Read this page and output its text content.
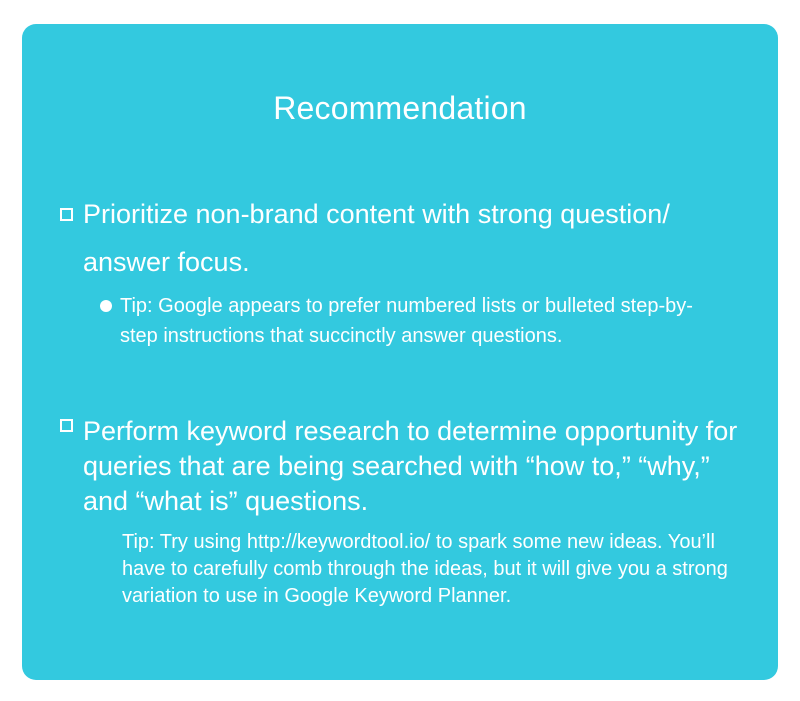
Recommendation
Prioritize non-brand content with strong question/ answer focus.
Tip: Google appears to prefer numbered lists or bulleted step-by-step instructions that succinctly answer questions.
Perform keyword research to determine opportunity for queries that are being searched with “how to,” “why,” and “what is” questions.

Tip: Try using http://keywordtool.io/ to spark some new ideas. You’ll have to carefully comb through the ideas, but it will give you a strong variation to use in Google Keyword Planner.
